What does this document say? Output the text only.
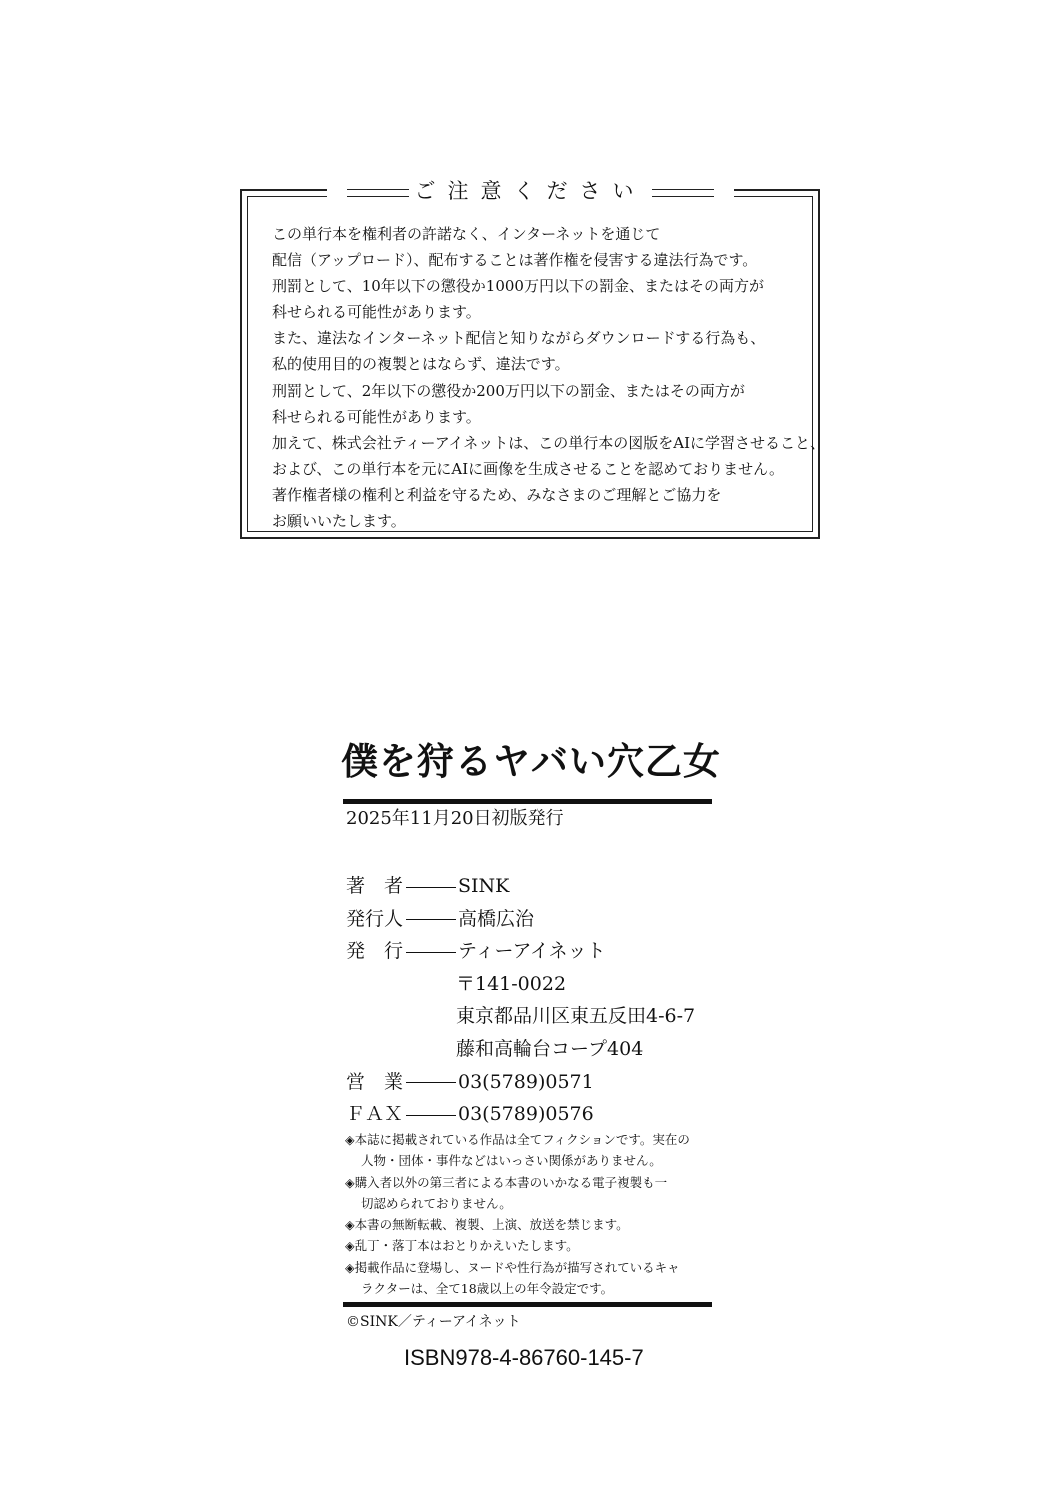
ご注意ください
この単行本を権利者の許諾なく、インターネットを通じて
配信（アップロード）、配布することは著作権を侵害する違法行為です。
刑罰として、10年以下の懲役か1000万円以下の罰金、またはその両方が
科せられる可能性があります。
また、違法なインターネット配信と知りながらダウンロードする行為も、
私的使用目的の複製とはならず、違法です。
刑罰として、2年以下の懲役か200万円以下の罰金、またはその両方が
科せられる可能性があります。
加えて、株式会社ティーアイネットは、この単行本の図版をAIに学習させること、
および、この単行本を元にAIに画像を生成させることを認めておりません。
著作権者様の権利と利益を守るため、みなさまのご理解とご協力を
お願いいたします。
僕を狩るヤバい穴乙女
2025年11月20日初版発行
著　者	SINK
発行人	高橋広治
発　行	ティーアイネット
〒141-0022
東京都品川区東五反田4-6-7
藤和高輪台コープ404
営　業	03(5789)0571
ＦＡＸ	03(5789)0576
◈本誌に掲載されている作品は全てフィクションです。実在の
人物・団体・事件などはいっさい関係がありません。
◈購入者以外の第三者による本書のいかなる電子複製も一
切認められておりません。
◈本書の無断転載、複製、上演、放送を禁じます。
◈乱丁・落丁本はおとりかえいたします。
◈掲載作品に登場し、ヌードや性行為が描写されているキャ
ラクターは、全て18歳以上の年令設定です。
©SINK／ティーアイネット
ISBN978-4-86760-145-7
